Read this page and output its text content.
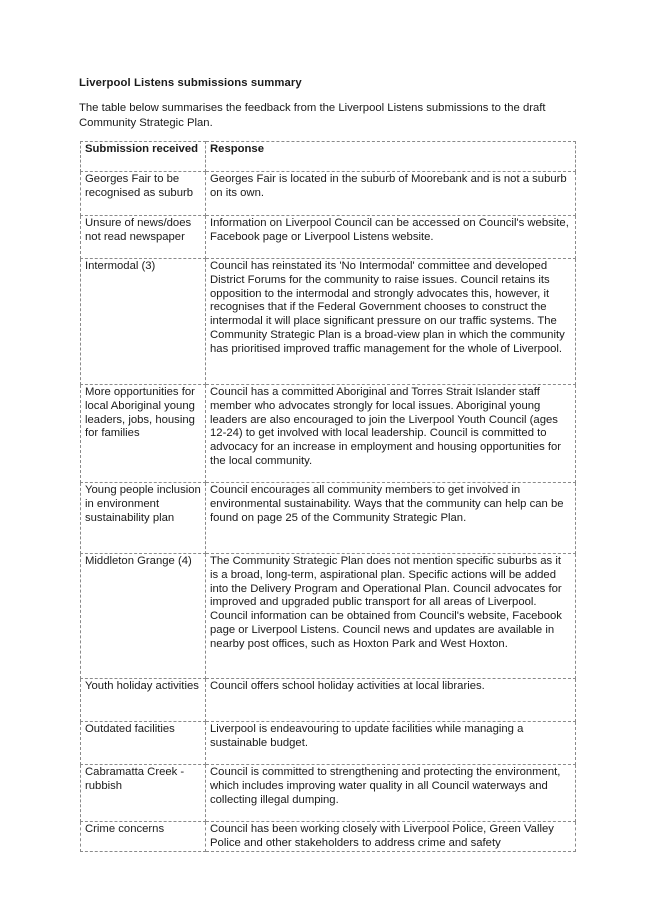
Liverpool Listens submissions summary
The table below summarises the feedback from the Liverpool Listens submissions to the draft Community Strategic Plan.
Submission received	Response
Georges Fair to be recognised as suburb	Georges Fair is located in the suburb of Moorebank and is not a suburb on its own.
Unsure of news/does not read newspaper	Information on Liverpool Council can be accessed on Council's website, Facebook page or Liverpool Listens website.
Intermodal (3)	Council has reinstated its 'No Intermodal' committee and developed District Forums for the community to raise issues. Council retains its opposition to the intermodal and strongly advocates this, however, it recognises that if the Federal Government chooses to construct the intermodal it will place significant pressure on our traffic systems. The Community Strategic Plan is a broad-view plan in which the community has prioritised improved traffic management for the whole of Liverpool.
More opportunities for local Aboriginal young leaders, jobs, housing for families	Council has a committed Aboriginal and Torres Strait Islander staff member who advocates strongly for local issues. Aboriginal young leaders are also encouraged to join the Liverpool Youth Council (ages 12-24) to get involved with local leadership. Council is committed to advocacy for an increase in employment and housing opportunities for the local community.
Young people inclusion in environment sustainability plan	Council encourages all community members to get involved in environmental sustainability. Ways that the community can help can be found on page 25 of the Community Strategic Plan.
Middleton Grange (4)	The Community Strategic Plan does not mention specific suburbs as it is a broad, long-term, aspirational plan. Specific actions will be added into the Delivery Program and Operational Plan. Council advocates for improved and upgraded public transport for all areas of Liverpool. Council information can be obtained from Council's website, Facebook page or Liverpool Listens. Council news and updates are available in nearby post offices, such as Hoxton Park and West Hoxton.
Youth holiday activities	Council offers school holiday activities at local libraries.
Outdated facilities	Liverpool is endeavouring to update facilities while managing a sustainable budget.
Cabramatta Creek - rubbish	Council is committed to strengthening and protecting the environment, which includes improving water quality in all Council waterways and collecting illegal dumping.
Crime concerns	Council has been working closely with Liverpool Police, Green Valley Police and other stakeholders to address crime and safety
